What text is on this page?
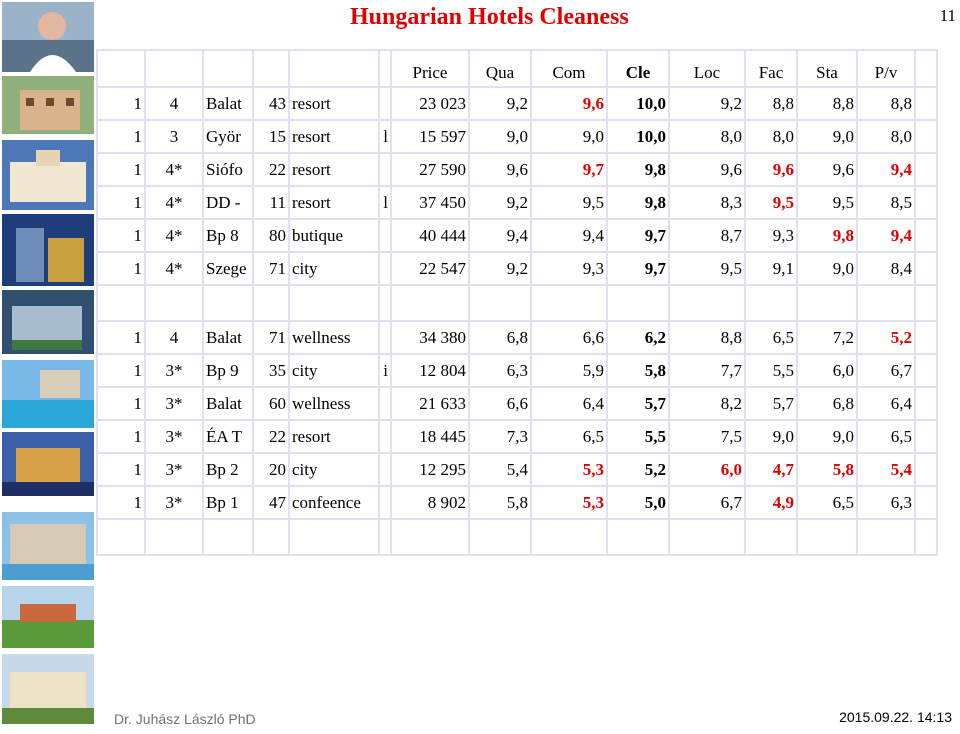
Hungarian Hotels Cleaness	11
						Price	Qua	Com	Cle	Loc	Fac	Sta	P/v	
1	4	Balat	43	resort		23 023	9,2	9,6	10,0	9,2	8,8	8,8	8,8	
1	3	Györ	15	resort	l	15 597	9,0	9,0	10,0	8,0	8,0	9,0	8,0	
1	4*	Siófo	22	resort		27 590	9,6	9,7	9,8	9,6	9,6	9,6	9,4	
1	4*	DD -	11	resort	l	37 450	9,2	9,5	9,8	8,3	9,5	9,5	8,5	
1	4*	Bp 8	80	butique		40 444	9,4	9,4	9,7	8,7	9,3	9,8	9,4	
1	4*	Szege	71	city		22 547	9,2	9,3	9,7	9,5	9,1	9,0	8,4	

1	4	Balat	71	wellness		34 380	6,8	6,6	6,2	8,8	6,5	7,2	5,2	
1	3*	Bp 9	35	city	i	12 804	6,3	5,9	5,8	7,7	5,5	6,0	6,7	
1	3*	Balat	60	wellness		21 633	6,6	6,4	5,7	8,2	5,7	6,8	6,4	
1	3*	ÉA T	22	resort		18 445	7,3	6,5	5,5	7,5	9,0	9,0	6,5	
1	3*	Bp 2	20	city		12 295	5,4	5,3	5,2	6,0	4,7	5,8	5,4	
1	3*	Bp 1	47	confeence		8 902	5,8	5,3	5,0	6,7	4,9	6,5	6,3	

Dr. Juhász László PhD	2015.09.22. 14:13
